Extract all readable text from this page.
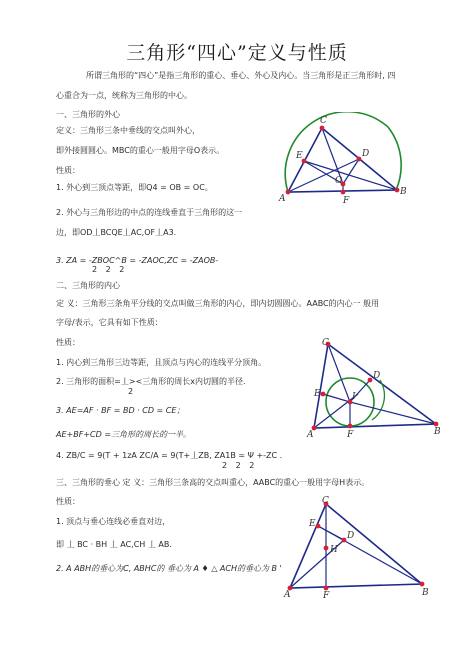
三角形“四心”定义与性质
所谓三角形的“四心”是指三角形的重心、垂心、外心及内心。当三角形是正三角形时, 四
心重合为一点，统称为三角形的中心。
一、三角形的外心
定义：三角形三条中垂线的交点叫外心，
即外接圆圆心。MBC的重心一般用字母O表示。
性质：
1. 外心到三顶点等距，即Q4 = OB = OC。
2. 外心与三角形边的中点的连线垂直于三角形的这一
边，即OD丄BCQE丄AC,OF丄A3.
3. ZA = -ZBOC^B = -ZAOC,ZC = -ZAOB-
2 2 2
C
E	D
O
A	F
B
二、三角形的内心
定 义：三角形三条角平分线的交点叫做三角形的内心，即内切圆圆心。AABC的内心一 般用
字母/表示，它具有如下性质：
性质：
1. 内心到三角形三边等距，且顶点与内心的连线平分顶角。
2. 三角形的面积=丄><三角形的周长x内切圆的半径.
2
3. AE=AF · BF = BD · CD = CE；
AE+BF+CD =三角形的周长的一半。
4. ZB/C = 9(T + 1zA ZC/A = 9(T+丄ZB, ZA1B = Ψ +-ZC .
2 2 2
C
D
E	I
A	F	B
三、三角形的垂心 定 义：三角形三条高的交点叫重心，AABC的重心一般用字母H表示。
性质：
1. 顶点与垂心连线必垂直对边，
即 丄 BC · BH 丄 AC,CH 丄 AB.
2. A ABH的垂心为C, ABHC的 垂心为 A ♦ △ ACH的垂心为 B '
C
E
D
H
A	F	B
